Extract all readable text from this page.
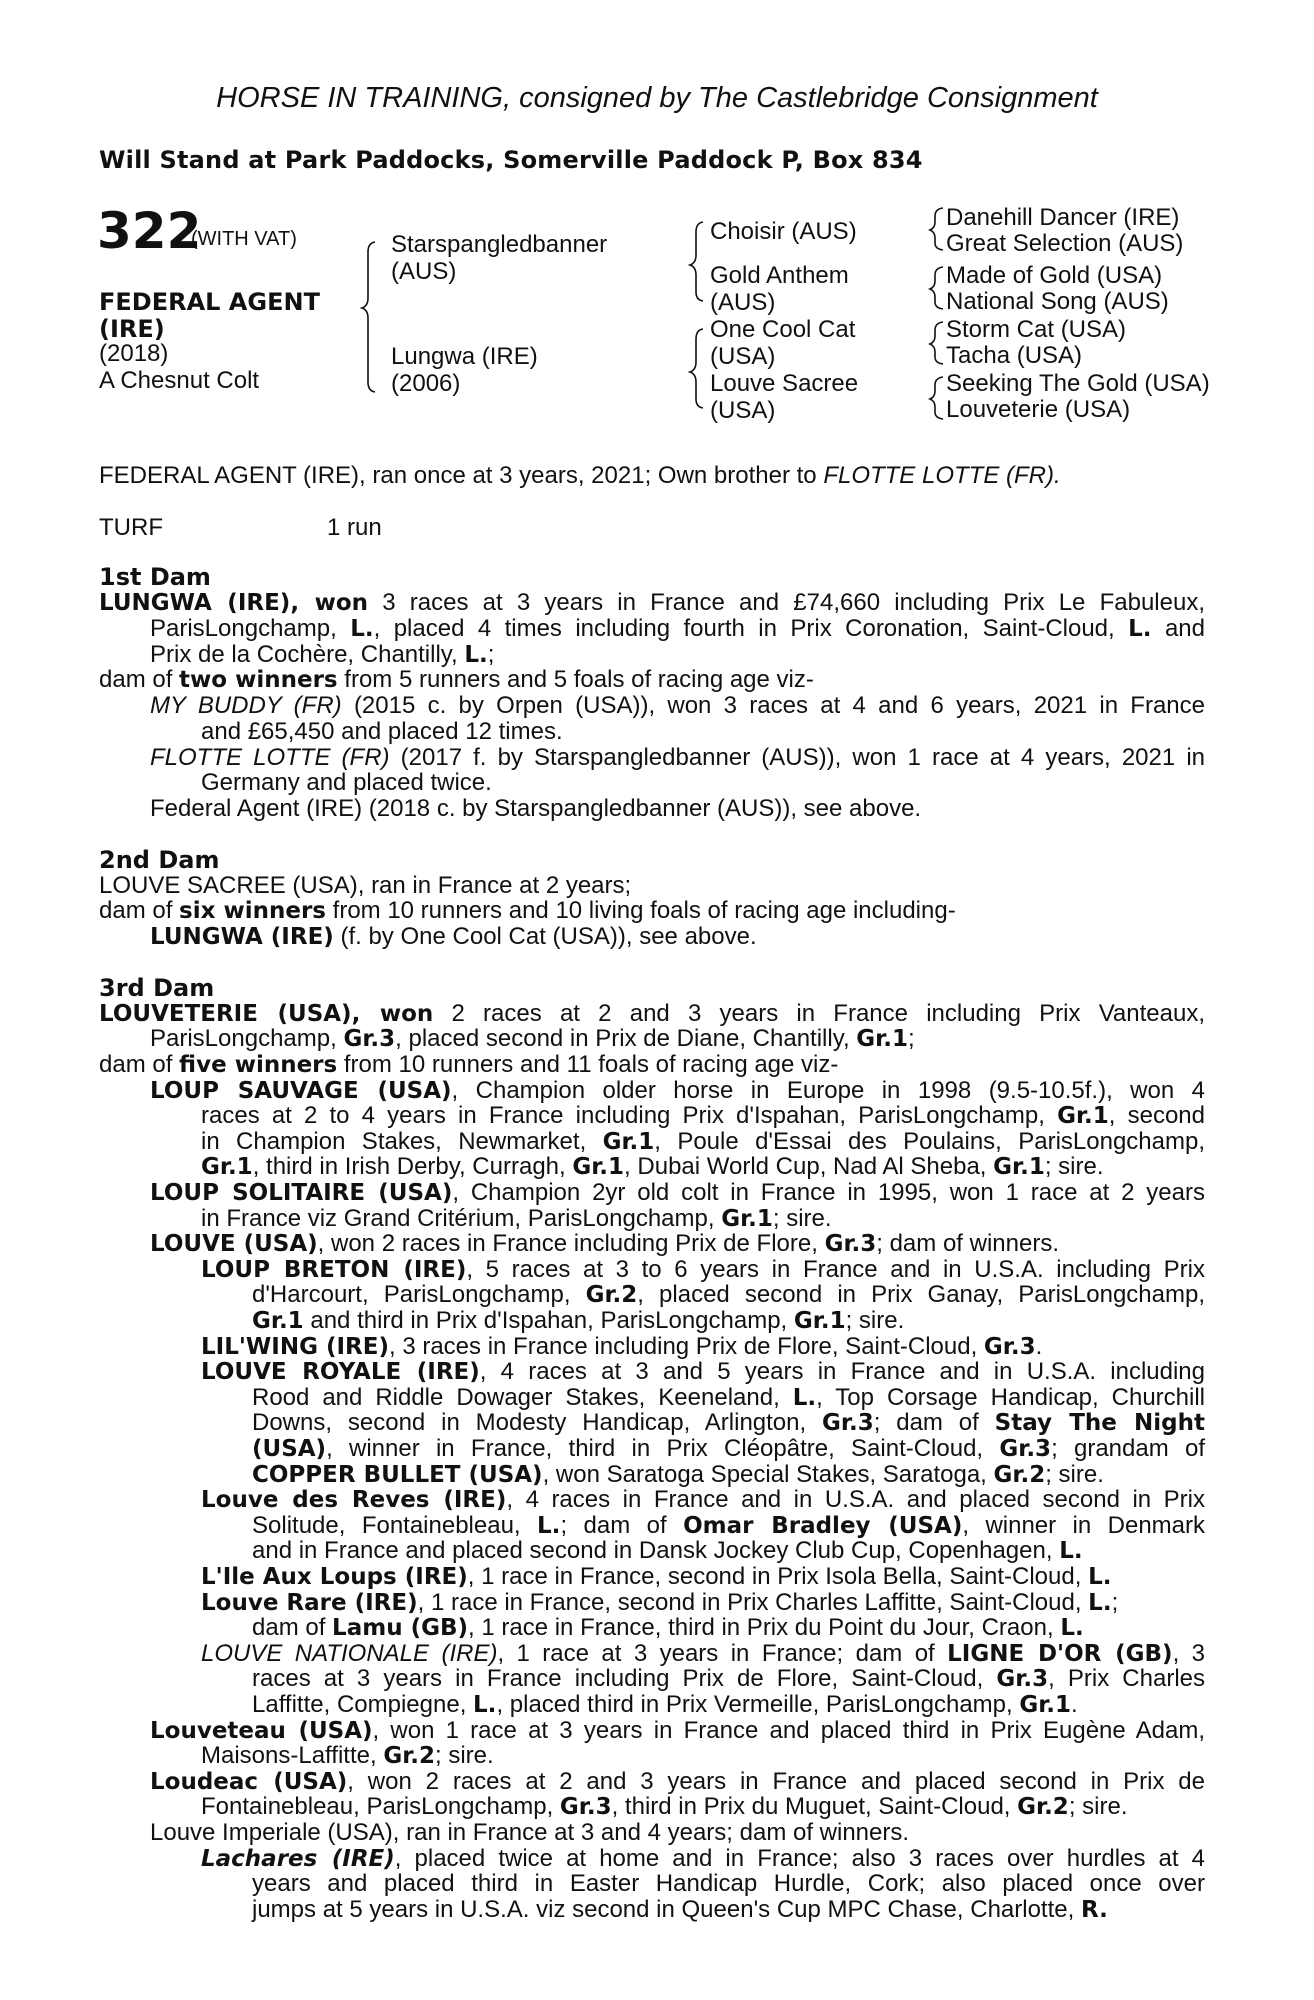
HORSE IN TRAINING, consigned by The Castlebridge Consignment
Will Stand at Park Paddocks, Somerville Paddock P, Box 834
322
(WITH VAT)
FEDERAL AGENT (IRE)
(2018)
A Chesnut Colt
Starspangledbanner (AUS)
Lungwa (IRE) (2006)
Choisir (AUS)
Gold Anthem (AUS)
One Cool Cat (USA)
Louve Sacree (USA)
Danehill Dancer (IRE)
Great Selection (AUS)
Made of Gold (USA)
National Song (AUS)
Storm Cat (USA)
Tacha (USA)
Seeking The Gold (USA)
Louveterie (USA)
FEDERAL AGENT (IRE), ran once at 3 years, 2021; Own brother to FLOTTE LOTTE (FR).
TURF	1 run
1st Dam
LUNGWA (IRE), won 3 races at 3 years in France and £74,660 including Prix Le Fabuleux,
ParisLongchamp, L., placed 4 times including fourth in Prix Coronation, Saint-Cloud, L. and
Prix de la Cochère, Chantilly, L.;
dam of two winners from 5 runners and 5 foals of racing age viz-
MY BUDDY (FR) (2015 c. by Orpen (USA)), won 3 races at 4 and 6 years, 2021 in France
and £65,450 and placed 12 times.
FLOTTE LOTTE (FR) (2017 f. by Starspangledbanner (AUS)), won 1 race at 4 years, 2021 in
Germany and placed twice.
Federal Agent (IRE) (2018 c. by Starspangledbanner (AUS)), see above.
2nd Dam
LOUVE SACREE (USA), ran in France at 2 years;
dam of six winners from 10 runners and 10 living foals of racing age including-
LUNGWA (IRE) (f. by One Cool Cat (USA)), see above.
3rd Dam
LOUVETERIE (USA), won 2 races at 2 and 3 years in France including Prix Vanteaux,
ParisLongchamp, Gr.3, placed second in Prix de Diane, Chantilly, Gr.1;
dam of five winners from 10 runners and 11 foals of racing age viz-
LOUP SAUVAGE (USA), Champion older horse in Europe in 1998 (9.5-10.5f.), won 4
races at 2 to 4 years in France including Prix d'Ispahan, ParisLongchamp, Gr.1, second
in Champion Stakes, Newmarket, Gr.1, Poule d'Essai des Poulains, ParisLongchamp,
Gr.1, third in Irish Derby, Curragh, Gr.1, Dubai World Cup, Nad Al Sheba, Gr.1; sire.
LOUP SOLITAIRE (USA), Champion 2yr old colt in France in 1995, won 1 race at 2 years
in France viz Grand Critérium, ParisLongchamp, Gr.1; sire.
LOUVE (USA), won 2 races in France including Prix de Flore, Gr.3; dam of winners.
LOUP BRETON (IRE), 5 races at 3 to 6 years in France and in U.S.A. including Prix
d'Harcourt, ParisLongchamp, Gr.2, placed second in Prix Ganay, ParisLongchamp,
Gr.1 and third in Prix d'Ispahan, ParisLongchamp, Gr.1; sire.
LIL'WING (IRE), 3 races in France including Prix de Flore, Saint-Cloud, Gr.3.
LOUVE ROYALE (IRE), 4 races at 3 and 5 years in France and in U.S.A. including
Rood and Riddle Dowager Stakes, Keeneland, L., Top Corsage Handicap, Churchill
Downs, second in Modesty Handicap, Arlington, Gr.3; dam of Stay The Night
(USA), winner in France, third in Prix Cléopâtre, Saint-Cloud, Gr.3; grandam of
COPPER BULLET (USA), won Saratoga Special Stakes, Saratoga, Gr.2; sire.
Louve des Reves (IRE), 4 races in France and in U.S.A. and placed second in Prix
Solitude, Fontainebleau, L.; dam of Omar Bradley (USA), winner in Denmark
and in France and placed second in Dansk Jockey Club Cup, Copenhagen, L.
L'Ile Aux Loups (IRE), 1 race in France, second in Prix Isola Bella, Saint-Cloud, L.
Louve Rare (IRE), 1 race in France, second in Prix Charles Laffitte, Saint-Cloud, L.;
dam of Lamu (GB), 1 race in France, third in Prix du Point du Jour, Craon, L.
LOUVE NATIONALE (IRE), 1 race at 3 years in France; dam of LIGNE D'OR (GB), 3
races at 3 years in France including Prix de Flore, Saint-Cloud, Gr.3, Prix Charles
Laffitte, Compiegne, L., placed third in Prix Vermeille, ParisLongchamp, Gr.1.
Louveteau (USA), won 1 race at 3 years in France and placed third in Prix Eugène Adam,
Maisons-Laffitte, Gr.2; sire.
Loudeac (USA), won 2 races at 2 and 3 years in France and placed second in Prix de
Fontainebleau, ParisLongchamp, Gr.3, third in Prix du Muguet, Saint-Cloud, Gr.2; sire.
Louve Imperiale (USA), ran in France at 3 and 4 years; dam of winners.
Lachares (IRE), placed twice at home and in France; also 3 races over hurdles at 4
years and placed third in Easter Handicap Hurdle, Cork; also placed once over
jumps at 5 years in U.S.A. viz second in Queen's Cup MPC Chase, Charlotte, R.
